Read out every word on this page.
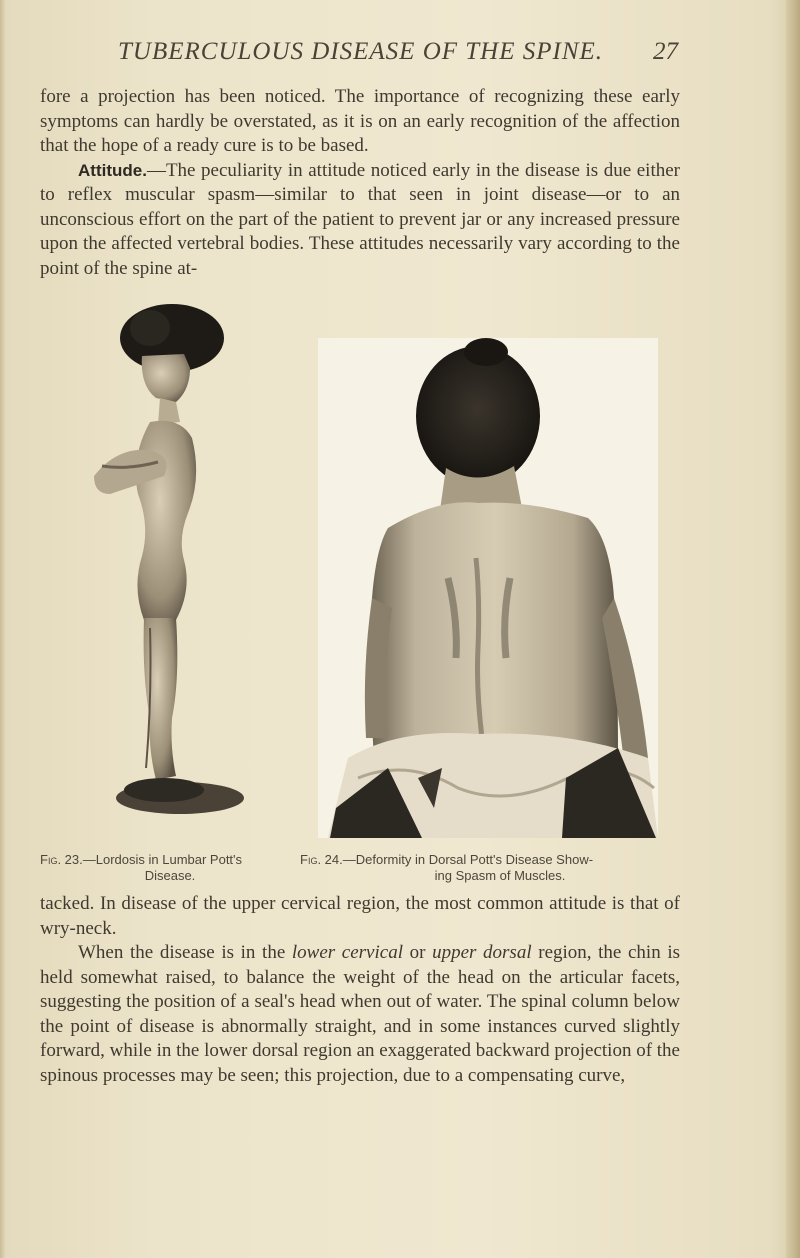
TUBERCULOUS DISEASE OF THE SPINE. 27

fore a projection has been noticed. The importance of recognizing these early symptoms can hardly be overstated, as it is on an early recognition of the affection that the hope of a ready cure is to be based.

Attitude.—The peculiarity in attitude noticed early in the disease is due either to reflex muscular spasm—similar to that seen in joint disease—or to an unconscious effort on the part of the patient to prevent jar or any increased pressure upon the affected vertebral bodies. These attitudes necessarily vary according to the point of the spine at-

Fig. 23.—Lordosis in Lumbar Pott's
Disease.
Fig. 24.—Deformity in Dorsal Pott's Disease Show-
ing Spasm of Muscles.

tacked. In disease of the upper cervical region, the most common attitude is that of wry-neck.

When the disease is in the lower cervical or upper dorsal region, the chin is held somewhat raised, to balance the weight of the head on the articular facets, suggesting the position of a seal's head when out of water. The spinal column below the point of disease is abnormally straight, and in some instances curved slightly forward, while in the lower dorsal region an exaggerated backward projection of the spinous processes may be seen; this projection, due to a compensating curve,
